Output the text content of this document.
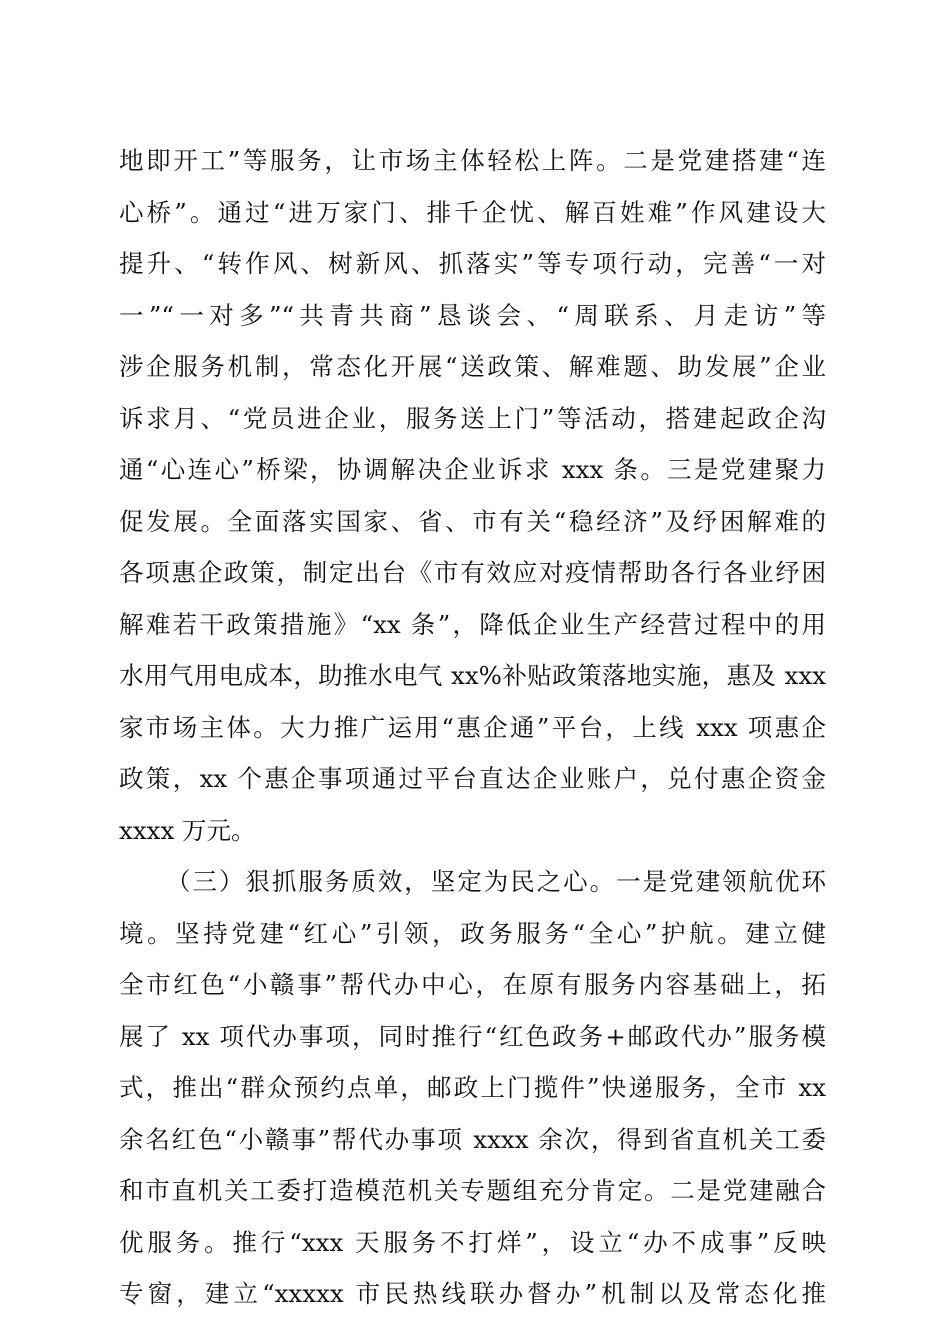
地即开工”等服务，让市场主体轻松上阵。二是党建搭建“连

心桥”。通过“进万家门、排千企忧、解百姓难”作风建设大

提升、“转作风、树新风、抓落实”等专项行动，完善“一对

一”“一对多”“共青共商”恳谈会、“周联系、月走访”等

涉企服务机制，常态化开展“送政策、解难题、助发展”企业

诉求月、“党员进企业，服务送上门”等活动，搭建起政企沟

通“心连心”桥梁，协调解决企业诉求 xxx 条。三是党建聚力

促发展。全面落实国家、省、市有关“稳经济”及纾困解难的

各项惠企政策，制定出台《市有效应对疫情帮助各行各业纾困

解难若干政策措施》“xx 条”，降低企业生产经营过程中的用

水用气用电成本，助推水电气 xx%补贴政策落地实施，惠及 xxx

家市场主体。大力推广运用“惠企通”平台，上线 xxx 项惠企

政策，xx 个惠企事项通过平台直达企业账户，兑付惠企资金

xxxx 万元。

（三）狠抓服务质效，坚定为民之心。一是党建领航优环

境。坚持党建“红心”引领，政务服务“全心”护航。建立健

全市红色“小赣事”帮代办中心，在原有服务内容基础上，拓

展了 xx 项代办事项，同时推行“红色政务+邮政代办”服务模

式，推出“群众预约点单，邮政上门揽件”快递服务，全市 xx

余名红色“小赣事”帮代办事项 xxxx 余次，得到省直机关工委

和市直机关工委打造模范机关专题组充分肯定。二是党建融合

优服务。推行“xxx 天服务不打烊”，设立“办不成事”反映

专窗，建立“xxxxx 市民热线联办督办”机制以及常态化推
